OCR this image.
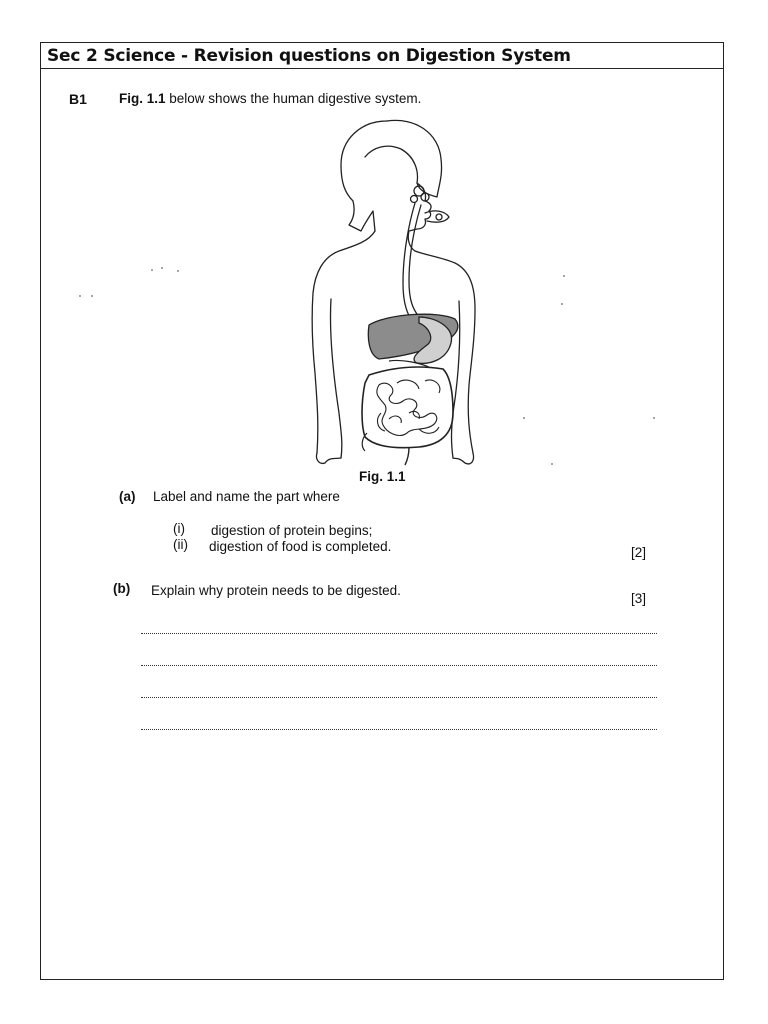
Sec 2 Science - Revision questions on Digestion System
B1 Fig. 1.1 below shows the human digestive system.
Fig. 1.1
(a) Label and name the part where
(i) digestion of protein begins;
(ii) digestion of food is completed.	[2]
(b) Explain why protein needs to be digested.
[3]
